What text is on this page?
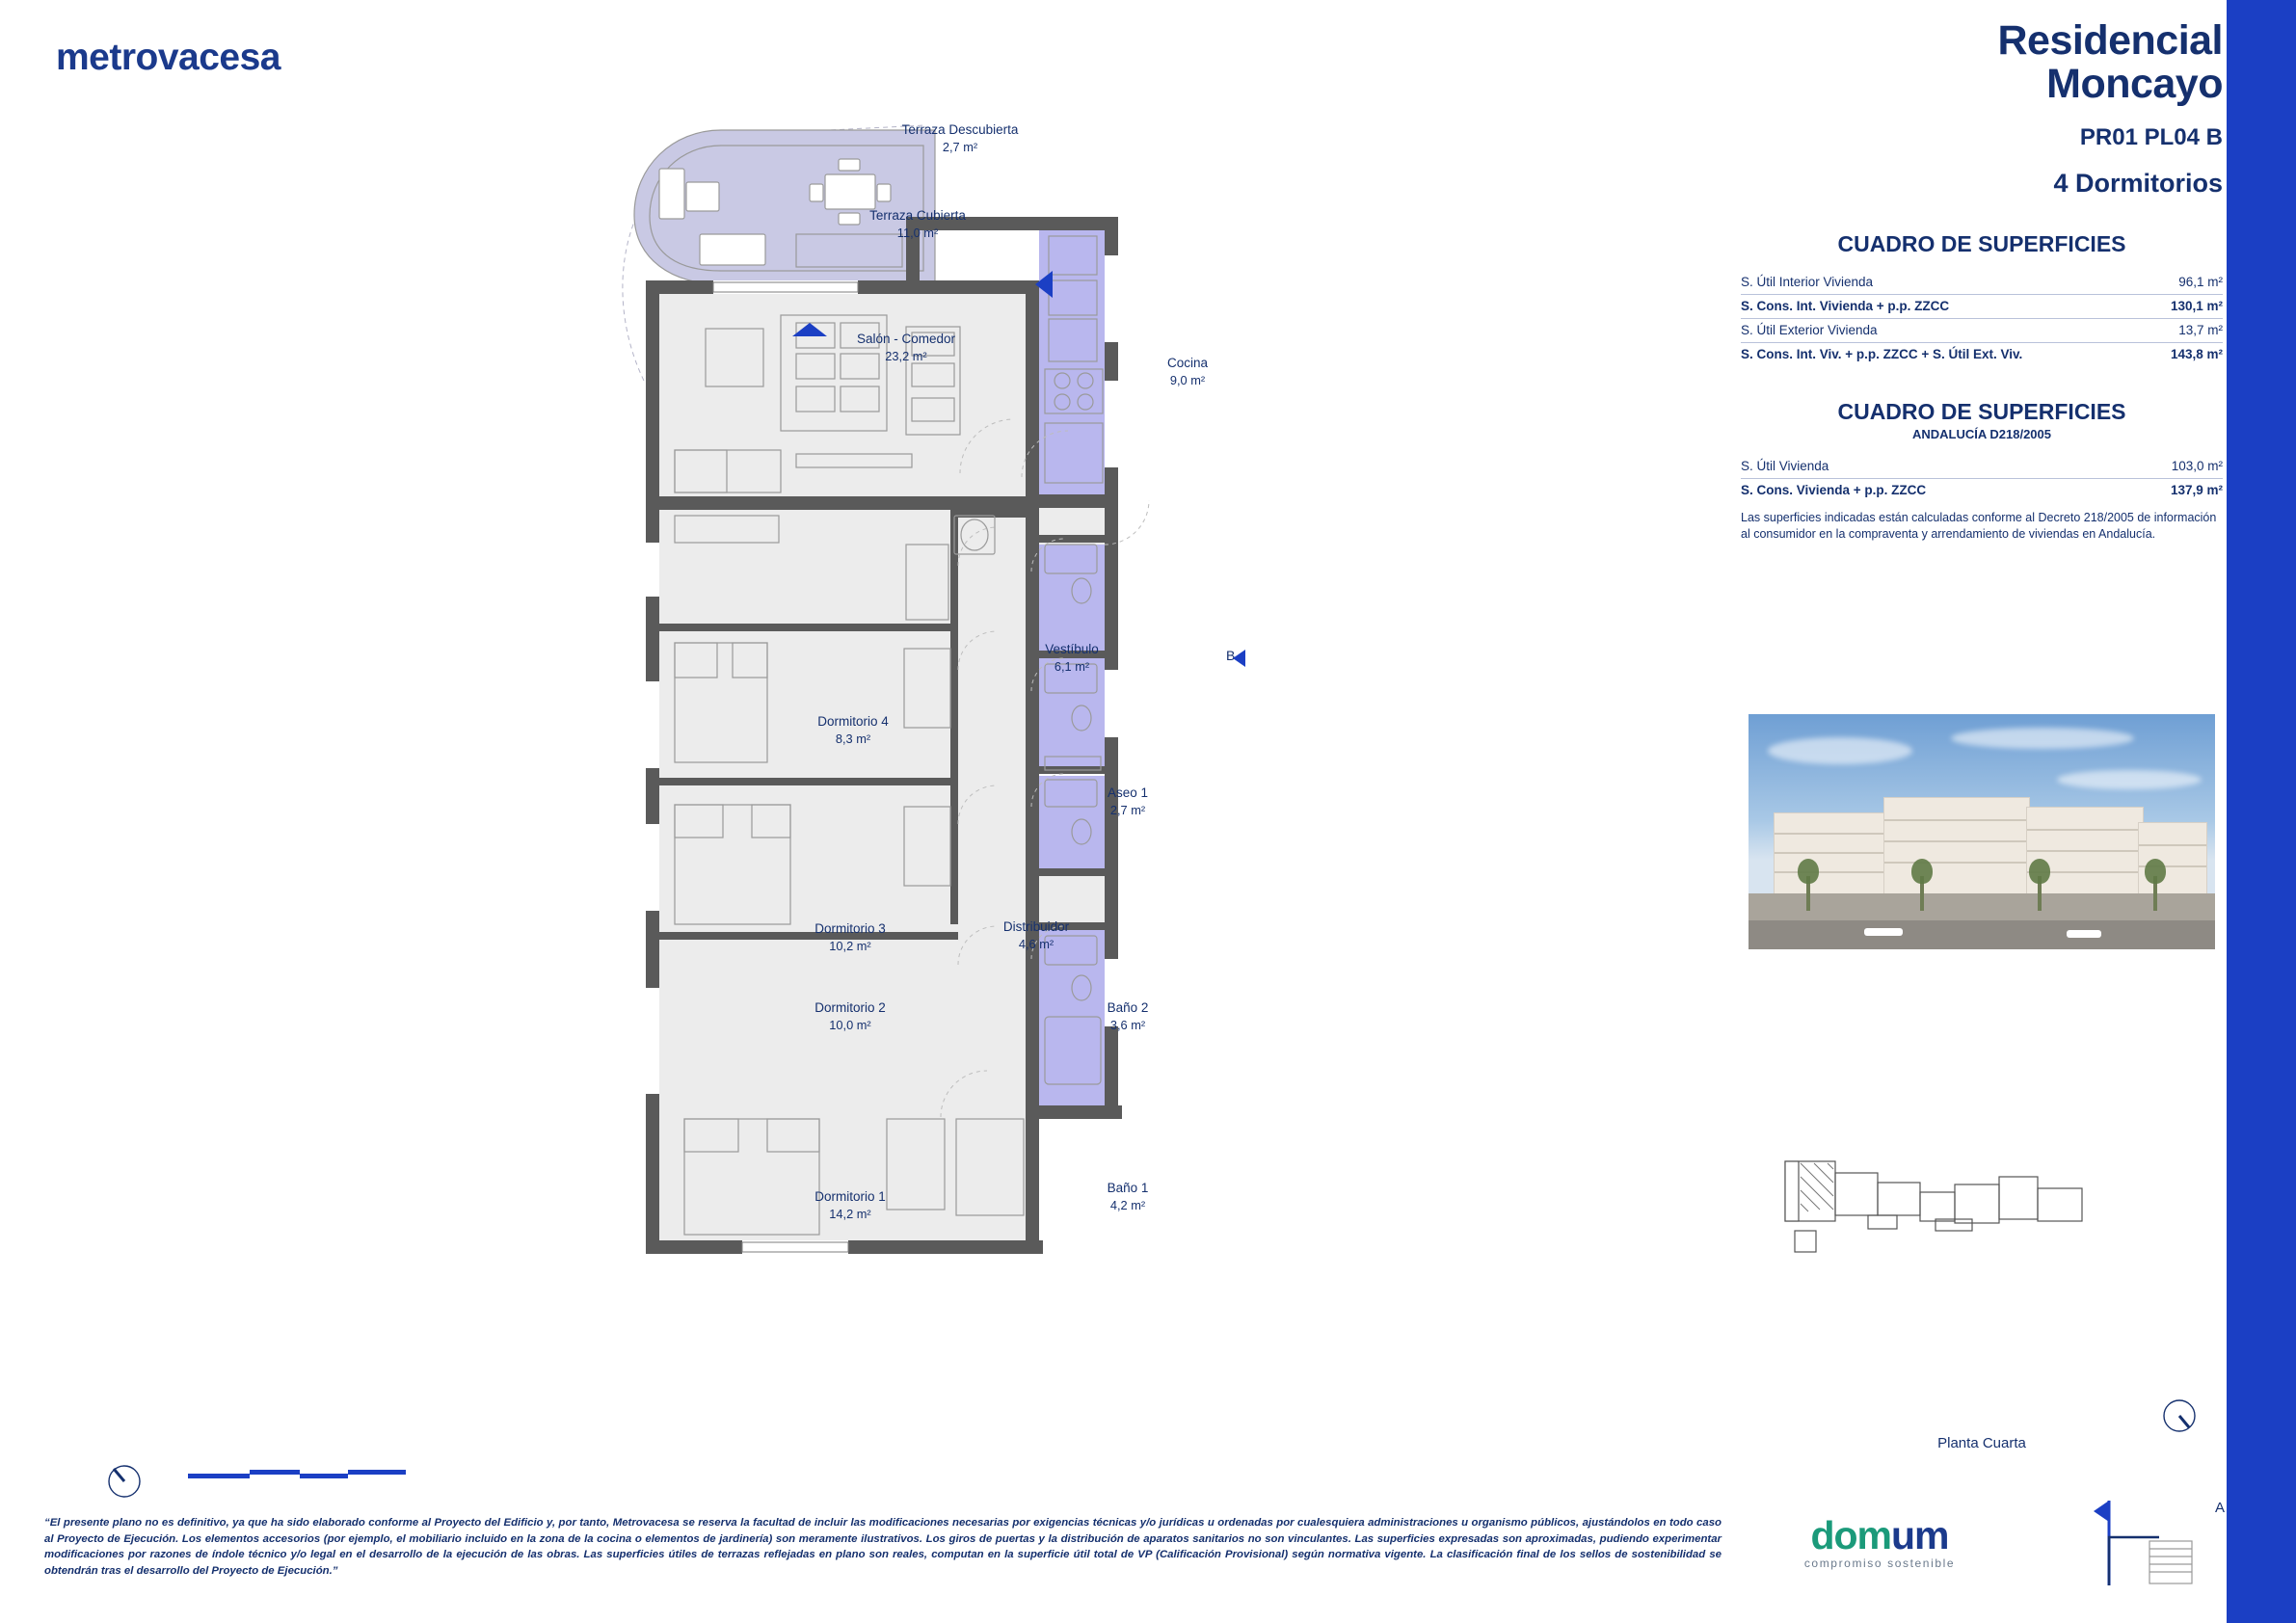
metrovacesa
Terraza Descubierta
2,7 m²
Terraza Cubierta
11,0 m²
Salón - Comedor
23,2 m²	Cocina
9,0 m²
Vestíbulo
6,1 m²
Dormitorio 4
8,3 m²
Aseo 1
2,7 m²
Dormitorio 3
10,2 m²
Distribuidor
4,6 m²
Dormitorio 2
10,0 m²
Baño 2
3,6 m²
Dormitorio 1
14,2 m²
Baño 1
4,2 m²
B
Residencial
Moncayo
PR01 PL04 B
4 Dormitorios
CUADRO DE SUPERFICIES
S. Útil Interior Vivienda	96,1 m²
S. Cons. Int. Vivienda + p.p. ZZCC	130,1 m²
S. Útil Exterior Vivienda	13,7 m²
S. Cons. Int. Viv. + p.p. ZZCC + S. Útil Ext. Viv.	143,8 m²
CUADRO DE SUPERFICIES
ANDALUCÍA D218/2005
S. Útil Vivienda	103,0 m²
S. Cons. Vivienda + p.p. ZZCC	137,9 m²
Las superficies indicadas están calculadas conforme al Decreto 218/2005 de información al consumidor en la compraventa y arrendamiento de viviendas en Andalucía.
Planta Cuarta
domum
compromiso sostenible
A
“El presente plano no es definitivo, ya que ha sido elaborado conforme al Proyecto del Edificio y, por tanto, Metrovacesa se reserva la facultad de incluir las modificaciones necesarias por exigencias técnicas y/o jurídicas u ordenadas por cualesquiera administraciones u organismo públicos, ajustándolos en todo caso al Proyecto de Ejecución. Los elementos accesorios (por ejemplo, el mobiliario incluido en la zona de la cocina o elementos de jardinería) son meramente ilustrativos. Los giros de puertas y la distribución de aparatos sanitarios no son vinculantes. Las superficies expresadas son aproximadas, pudiendo experimentar modificaciones por razones de índole técnico y/o legal en el desarrollo de la ejecución de las obras. Las superficies útiles de terrazas reflejadas en plano son reales, computan en la superficie útil total de VP (Calificación Provisional) según normativa vigente. La clasificación final de los sellos de sostenibilidad se obtendrán tras el desarrollo del Proyecto de Ejecución.”
